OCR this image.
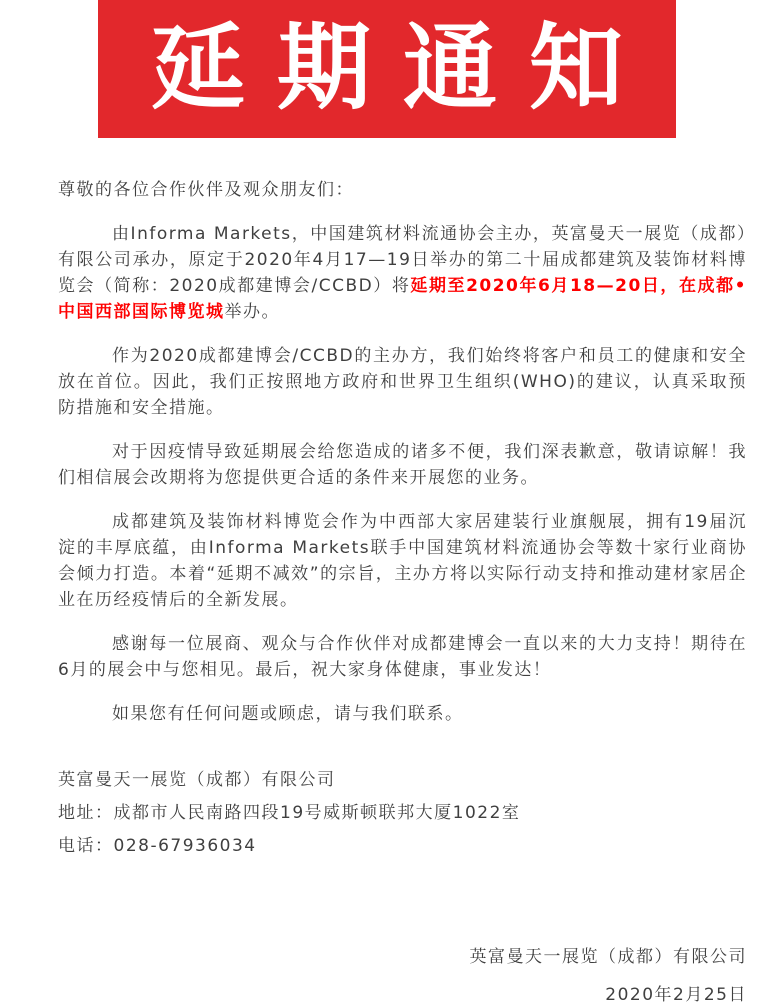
延期通知

尊敬的各位合作伙伴及观众朋友们：

由Informa Markets，中国建筑材料流通协会主办，英富曼天一展览（成都）有限公司承办，原定于2020年4月17—19日举办的第二十届成都建筑及装饰材料博览会（简称：2020成都建博会/CCBD）将延期至2020年6月18—20日，在成都•中国西部国际博览城举办。

作为2020成都建博会/CCBD的主办方，我们始终将客户和员工的健康和安全放在首位。因此，我们正按照地方政府和世界卫生组织(WHO)的建议，认真采取预防措施和安全措施。

对于因疫情导致延期展会给您造成的诸多不便，我们深表歉意，敬请谅解！我们相信展会改期将为您提供更合适的条件来开展您的业务。

成都建筑及装饰材料博览会作为中西部大家居建装行业旗舰展，拥有19届沉淀的丰厚底蕴，由Informa Markets联手中国建筑材料流通协会等数十家行业商协会倾力打造。本着“延期不减效”的宗旨，主办方将以实际行动支持和推动建材家居企业在历经疫情后的全新发展。

感谢每一位展商、观众与合作伙伴对成都建博会一直以来的大力支持！期待在6月的展会中与您相见。最后，祝大家身体健康，事业发达！

如果您有任何问题或顾虑，请与我们联系。

英富曼天一展览（成都）有限公司

地址：成都市人民南路四段19号威斯顿联邦大厦1022室

电话：028-67936034

英富曼天一展览（成都）有限公司

2020年2月25日
